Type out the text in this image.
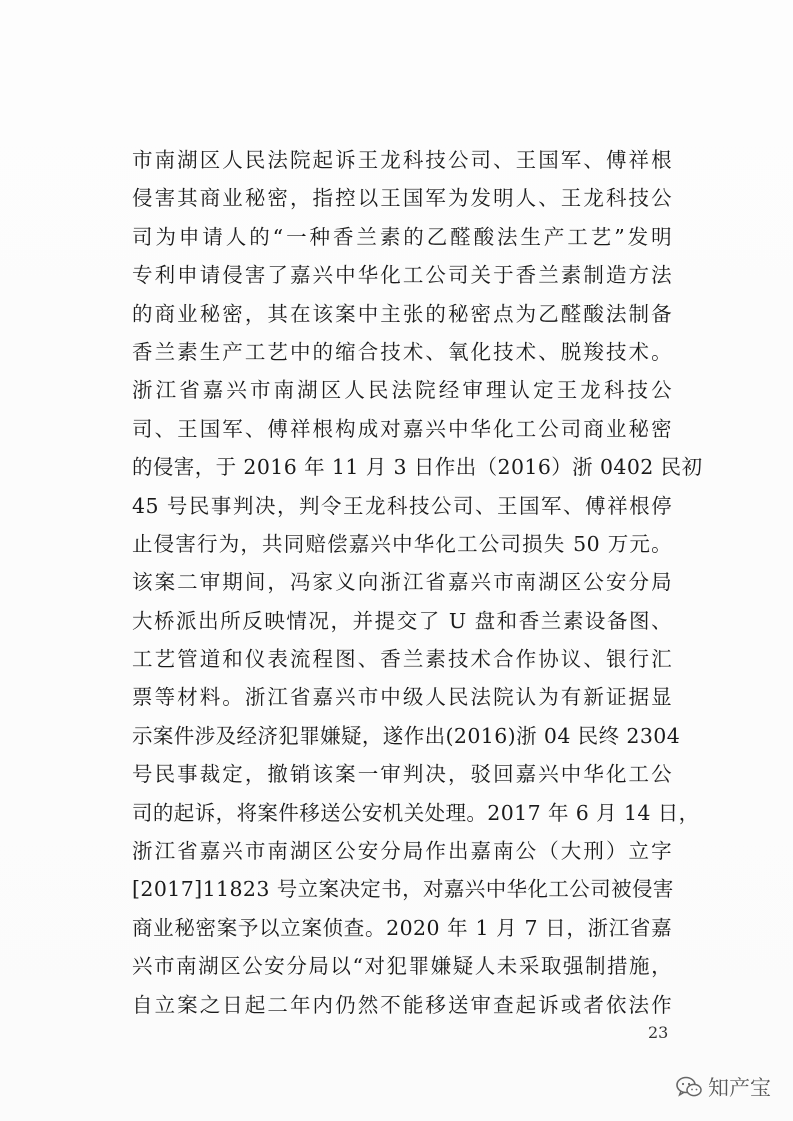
市南湖区人民法院起诉王龙科技公司、王国军、傅祥根
侵害其商业秘密，指控以王国军为发明人、王龙科技公
司为申请人的“一种香兰素的乙醛酸法生产工艺”发明
专利申请侵害了嘉兴中华化工公司关于香兰素制造方法
的商业秘密，其在该案中主张的秘密点为乙醛酸法制备
香兰素生产工艺中的缩合技术、氧化技术、脱羧技术。
浙江省嘉兴市南湖区人民法院经审理认定王龙科技公
司、王国军、傅祥根构成对嘉兴中华化工公司商业秘密
的侵害，于 2016 年 11 月 3 日作出（2016）浙 0402 民初
45 号民事判决，判令王龙科技公司、王国军、傅祥根停
止侵害行为，共同赔偿嘉兴中华化工公司损失 50 万元。
该案二审期间，冯家义向浙江省嘉兴市南湖区公安分局
大桥派出所反映情况，并提交了 U 盘和香兰素设备图、
工艺管道和仪表流程图、香兰素技术合作协议、银行汇
票等材料。浙江省嘉兴市中级人民法院认为有新证据显
示案件涉及经济犯罪嫌疑，遂作出(2016)浙 04 民终 2304
号民事裁定，撤销该案一审判决，驳回嘉兴中华化工公
司的起诉，将案件移送公安机关处理。2017 年 6 月 14 日，
浙江省嘉兴市南湖区公安分局作出嘉南公（大刑）立字
[2017]11823 号立案决定书，对嘉兴中华化工公司被侵害
商业秘密案予以立案侦查。2020 年 1 月 7 日，浙江省嘉
兴市南湖区公安分局以“对犯罪嫌疑人未采取强制措施，
自立案之日起二年内仍然不能移送审查起诉或者依法作
23
知产宝
